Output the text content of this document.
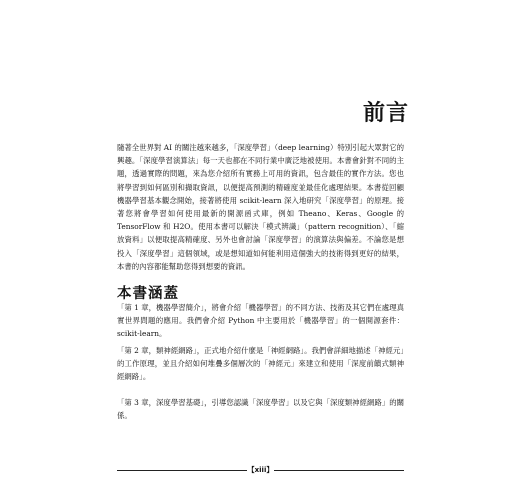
前言

隨著全世界對 AI 的關注越來越多，「深度學習」（deep learning）特別引起大眾對它的興趣。「深度學習演算法」每一天也都在不同行業中廣泛地被使用。本書會針對不同的主題，透過實際的問題，來為您介紹所有實務上可用的資訊，包含最佳的實作方法。您也將學習到如何區別和擷取資訊，以便提高預測的精確度並最佳化處理結果。本書從回顧機器學習基本觀念開始，接著將使用 scikit-learn 深入地研究「深度學習」的原理。接著您將會學習如何使用最新的開源函式庫，例如 Theano、Keras、Google 的 TensorFlow 和 H2O。使用本書可以解決「模式辨識」（pattern recognition）、「縮放資料」以便取提高精確度、另外也會討論「深度學習」的演算法與偏差。不論您是想投入「深度學習」這個領域，或是想知道如何能利用這個強大的技術得到更好的結果，本書的內容都能幫助您得到想要的資訊。

本書涵蓋

「第 1 章，機器學習簡介」，將會介紹「機器學習」的不同方法、技術及其它們在處理真實世界問題的應用。我們會介紹 Python 中主要用於「機器學習」的一個開源套件：scikit-learn。

「第 2 章，類神經網路」，正式地介紹什麼是「神經網路」。我們會詳細地描述「神經元」的工作原理，並且介紹如何堆疊多個層次的「神經元」來建立和使用「深度前饋式類神經網路」。

「第 3 章，深度學習基礎」，引導您認識「深度學習」以及它與「深度類神經網路」的關係。

【xiii】
